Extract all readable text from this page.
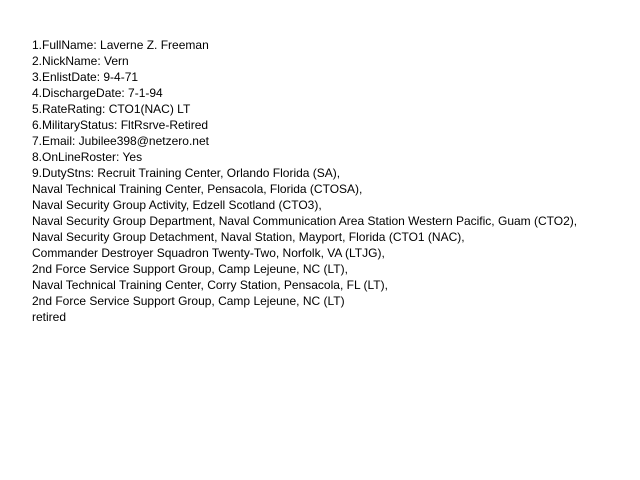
1.FullName: Laverne Z. Freeman
2.NickName: Vern
3.EnlistDate: 9-4-71
4.DischargeDate: 7-1-94
5.RateRating: CTO1(NAC) LT
6.MilitaryStatus: FltRsrve-Retired
7.Email: Jubilee398@netzero.net
8.OnLineRoster: Yes
9.DutyStns: Recruit Training Center, Orlando Florida (SA),
Naval Technical Training Center, Pensacola, Florida (CTOSA),
Naval Security Group Activity, Edzell Scotland (CTO3),
Naval Security Group Department, Naval Communication Area Station Western Pacific, Guam (CTO2),
Naval Security Group Detachment, Naval Station, Mayport, Florida (CTO1 (NAC),
Commander Destroyer Squadron Twenty-Two, Norfolk, VA (LTJG),
2nd Force Service Support Group, Camp Lejeune, NC (LT),
Naval Technical Training Center, Corry Station, Pensacola, FL (LT),
2nd Force Service Support Group, Camp Lejeune, NC (LT)
retired
